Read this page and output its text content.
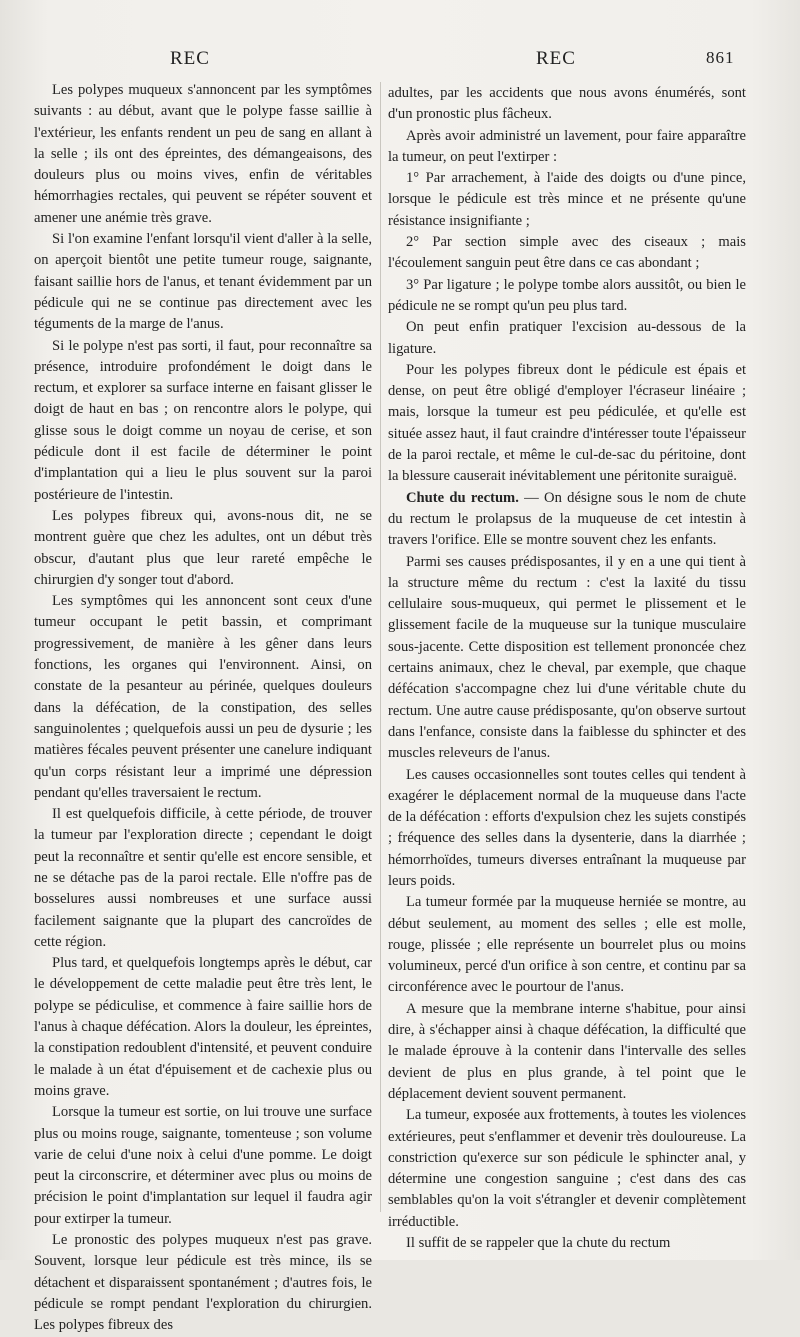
REC	REC	861

Les polypes muqueux s'annoncent par les symptômes suivants : au début, avant que le polype fasse saillie à l'extérieur, les enfants rendent un peu de sang en allant à la selle ; ils ont des épreintes, des démangeaisons, des douleurs plus ou moins vives, enfin de véritables hémorrhagies rectales, qui peuvent se répéter souvent et amener une anémie très grave.

Si l'on examine l'enfant lorsqu'il vient d'aller à la selle, on aperçoit bientôt une petite tumeur rouge, saignante, faisant saillie hors de l'anus, et tenant évidemment par un pédicule qui ne se continue pas directement avec les téguments de la marge de l'anus.

Si le polype n'est pas sorti, il faut, pour reconnaître sa présence, introduire profondément le doigt dans le rectum, et explorer sa surface interne en faisant glisser le doigt de haut en bas ; on rencontre alors le polype, qui glisse sous le doigt comme un noyau de cerise, et son pédicule dont il est facile de déterminer le point d'implantation qui a lieu le plus souvent sur la paroi postérieure de l'intestin.

Les polypes fibreux qui, avons-nous dit, ne se montrent guère que chez les adultes, ont un début très obscur, d'autant plus que leur rareté empêche le chirurgien d'y songer tout d'abord.

Les symptômes qui les annoncent sont ceux d'une tumeur occupant le petit bassin, et comprimant progressivement, de manière à les gêner dans leurs fonctions, les organes qui l'environnent. Ainsi, on constate de la pesanteur au périnée, quelques douleurs dans la défécation, de la constipation, des selles sanguinolentes ; quelquefois aussi un peu de dysurie ; les matières fécales peuvent présenter une canelure indiquant qu'un corps résistant leur a imprimé une dépression pendant qu'elles traversaient le rectum.

Il est quelquefois difficile, à cette période, de trouver la tumeur par l'exploration directe ; cependant le doigt peut la reconnaître et sentir qu'elle est encore sensible, et ne se détache pas de la paroi rectale. Elle n'offre pas de bosselures aussi nombreuses et une surface aussi facilement saignante que la plupart des cancroïdes de cette région.

Plus tard, et quelquefois longtemps après le début, car le développement de cette maladie peut être très lent, le polype se pédiculise, et commence à faire saillie hors de l'anus à chaque défécation. Alors la douleur, les épreintes, la constipation redoublent d'intensité, et peuvent conduire le malade à un état d'épuisement et de cachexie plus ou moins grave.

Lorsque la tumeur est sortie, on lui trouve une surface plus ou moins rouge, saignante, tomenteuse ; son volume varie de celui d'une noix à celui d'une pomme. Le doigt peut la circonscrire, et déterminer avec plus ou moins de précision le point d'implantation sur lequel il faudra agir pour extirper la tumeur.

Le pronostic des polypes muqueux n'est pas grave. Souvent, lorsque leur pédicule est très mince, ils se détachent et disparaissent spontanément ; d'autres fois, le pédicule se rompt pendant l'exploration du chirurgien. Les polypes fibreux des

adultes, par les accidents que nous avons énumérés, sont d'un pronostic plus fâcheux.

Après avoir administré un lavement, pour faire apparaître la tumeur, on peut l'extirper :

1° Par arrachement, à l'aide des doigts ou d'une pince, lorsque le pédicule est très mince et ne présente qu'une résistance insignifiante ;
2° Par section simple avec des ciseaux ; mais l'écoulement sanguin peut être dans ce cas abondant ;
3° Par ligature ; le polype tombe alors aussitôt, ou bien le pédicule ne se rompt qu'un peu plus tard.

On peut enfin pratiquer l'excision au-dessous de la ligature.

Pour les polypes fibreux dont le pédicule est épais et dense, on peut être obligé d'employer l'écraseur linéaire ; mais, lorsque la tumeur est peu pédiculée, et qu'elle est située assez haut, il faut craindre d'intéresser toute l'épaisseur de la paroi rectale, et même le cul-de-sac du péritoine, dont la blessure causerait inévitablement une péritonite suraiguë.

Chute du rectum. — On désigne sous le nom de chute du rectum le prolapsus de la muqueuse de cet intestin à travers l'orifice. Elle se montre souvent chez les enfants.

Parmi ses causes prédisposantes, il y en a une qui tient à la structure même du rectum : c'est la laxité du tissu cellulaire sous-muqueux, qui permet le plissement et le glissement facile de la muqueuse sur la tunique musculaire sous-jacente. Cette disposition est tellement prononcée chez certains animaux, chez le cheval, par exemple, que chaque défécation s'accompagne chez lui d'une véritable chute du rectum. Une autre cause prédisposante, qu'on observe surtout dans l'enfance, consiste dans la faiblesse du sphincter et des muscles releveurs de l'anus.

Les causes occasionnelles sont toutes celles qui tendent à exagérer le déplacement normal de la muqueuse dans l'acte de la défécation : efforts d'expulsion chez les sujets constipés ; fréquence des selles dans la dysenterie, dans la diarrhée ; hémorrhoïdes, tumeurs diverses entraînant la muqueuse par leurs poids.

La tumeur formée par la muqueuse herniée se montre, au début seulement, au moment des selles ; elle est molle, rouge, plissée ; elle représente un bourrelet plus ou moins volumineux, percé d'un orifice à son centre, et continu par sa circonférence avec le pourtour de l'anus.

A mesure que la membrane interne s'habitue, pour ainsi dire, à s'échapper ainsi à chaque défécation, la difficulté que le malade éprouve à la contenir dans l'intervalle des selles devient de plus en plus grande, à tel point que le déplacement devient souvent permanent.

La tumeur, exposée aux frottements, à toutes les violences extérieures, peut s'enflammer et devenir très douloureuse. La constriction qu'exerce sur son pédicule le sphincter anal, y détermine une congestion sanguine ; c'est dans des cas semblables qu'on la voit s'étrangler et devenir complètement irréductible.

Il suffit de se rappeler que la chute du rectum
